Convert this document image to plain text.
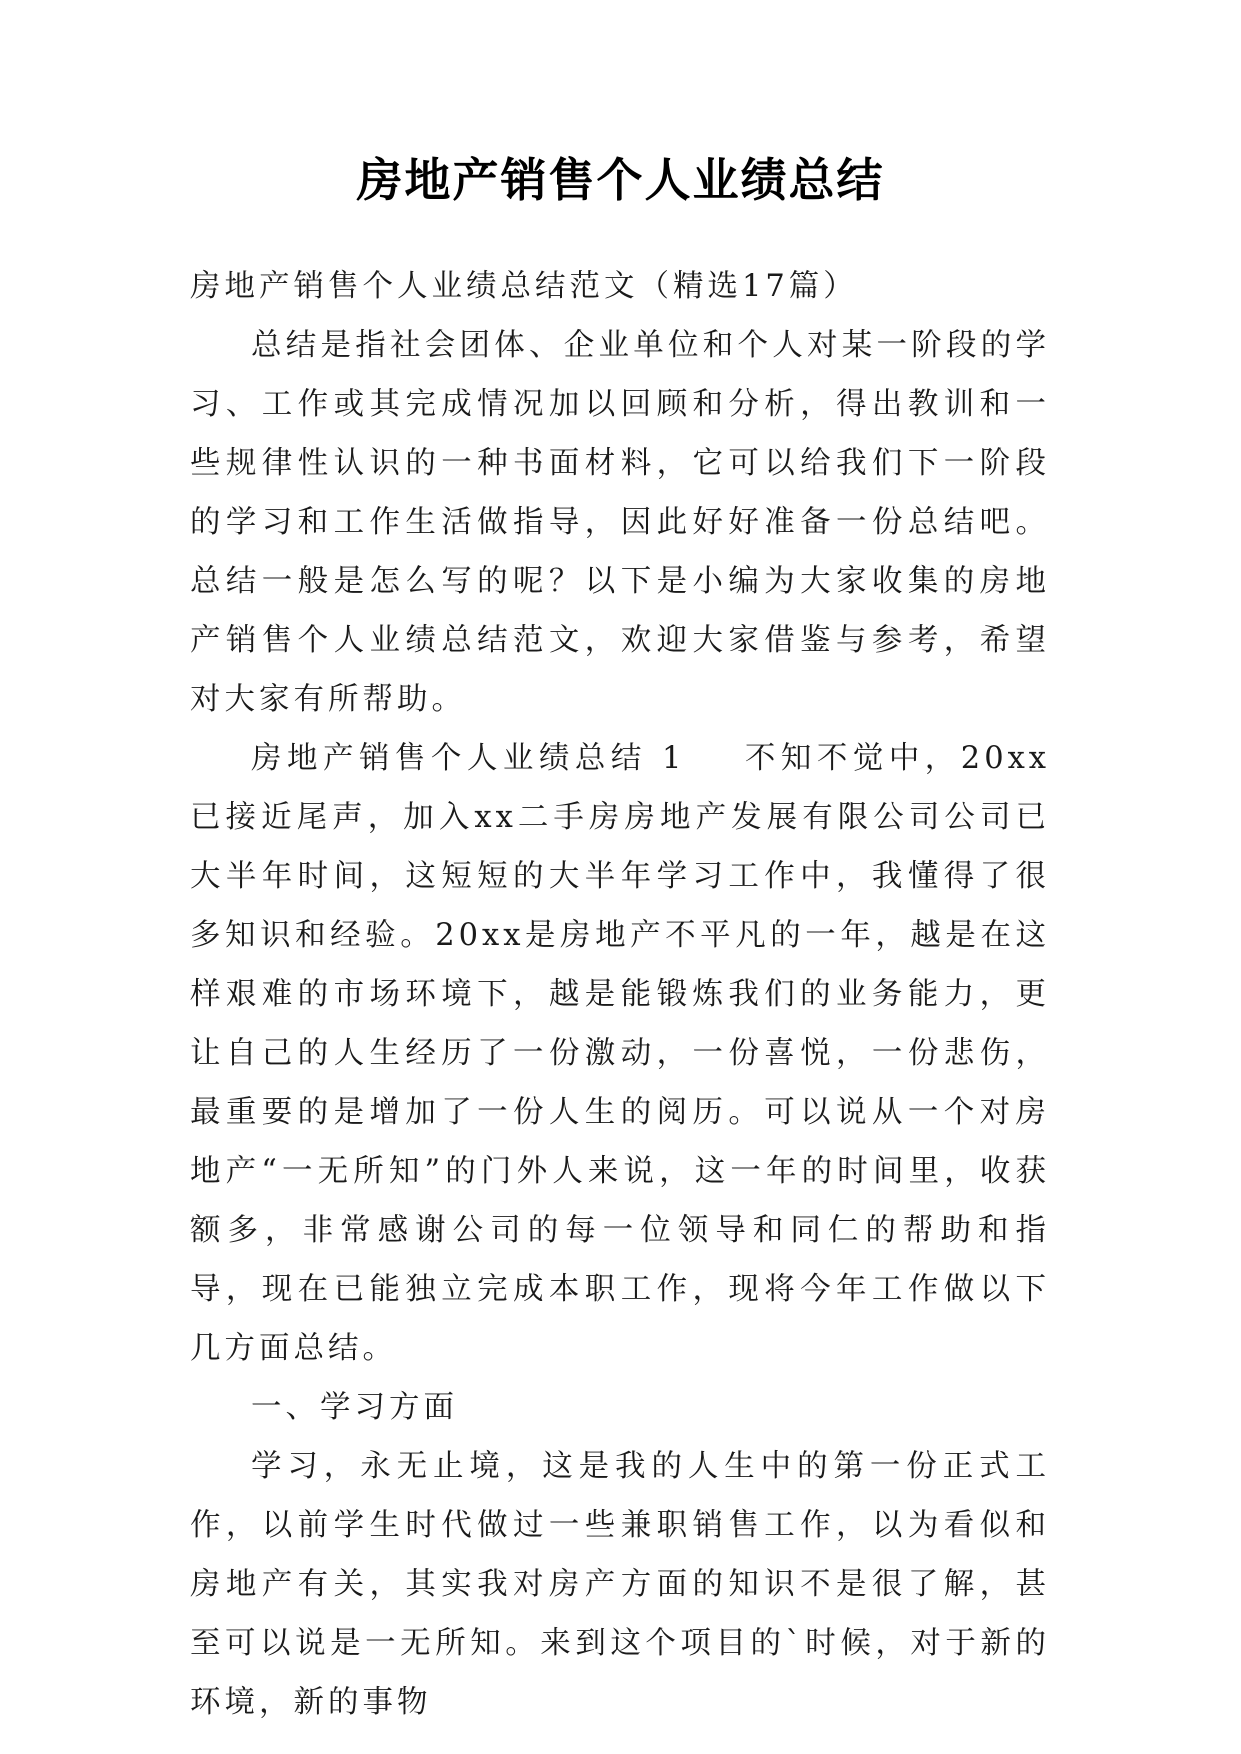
房地产销售个人业绩总结

房地产销售个人业绩总结范文（精选17篇）

总结是指社会团体、企业单位和个人对某一阶段的学习、工作或其完成情况加以回顾和分析，得出教训和一些规律性认识的一种书面材料，它可以给我们下一阶段的学习和工作生活做指导，因此好好准备一份总结吧。总结一般是怎么写的呢？以下是小编为大家收集的房地产销售个人业绩总结范文，欢迎大家借鉴与参考，希望对大家有所帮助。

房地产销售个人业绩总结 1 不知不觉中，20xx已接近尾声，加入xx二手房房地产发展有限公司公司已大半年时间，这短短的大半年学习工作中，我懂得了很多知识和经验。20xx是房地产不平凡的一年，越是在这样艰难的市场环境下，越是能锻炼我们的业务能力，更让自己的人生经历了一份激动，一份喜悦，一份悲伤，最重要的是增加了一份人生的阅历。可以说从一个对房地产“一无所知”的门外人来说，这一年的时间里，收获额多，非常感谢公司的每一位领导和同仁的帮助和指导，现在已能独立完成本职工作，现将今年工作做以下几方面总结。

一、学习方面

学习，永无止境，这是我的人生中的第一份正式工作，以前学生时代做过一些兼职销售工作，以为看似和房地产有关，其实我对房产方面的知识不是很了解，甚至可以说是一无所知。来到这个项目的`时候，对于新的环境，新的事物
